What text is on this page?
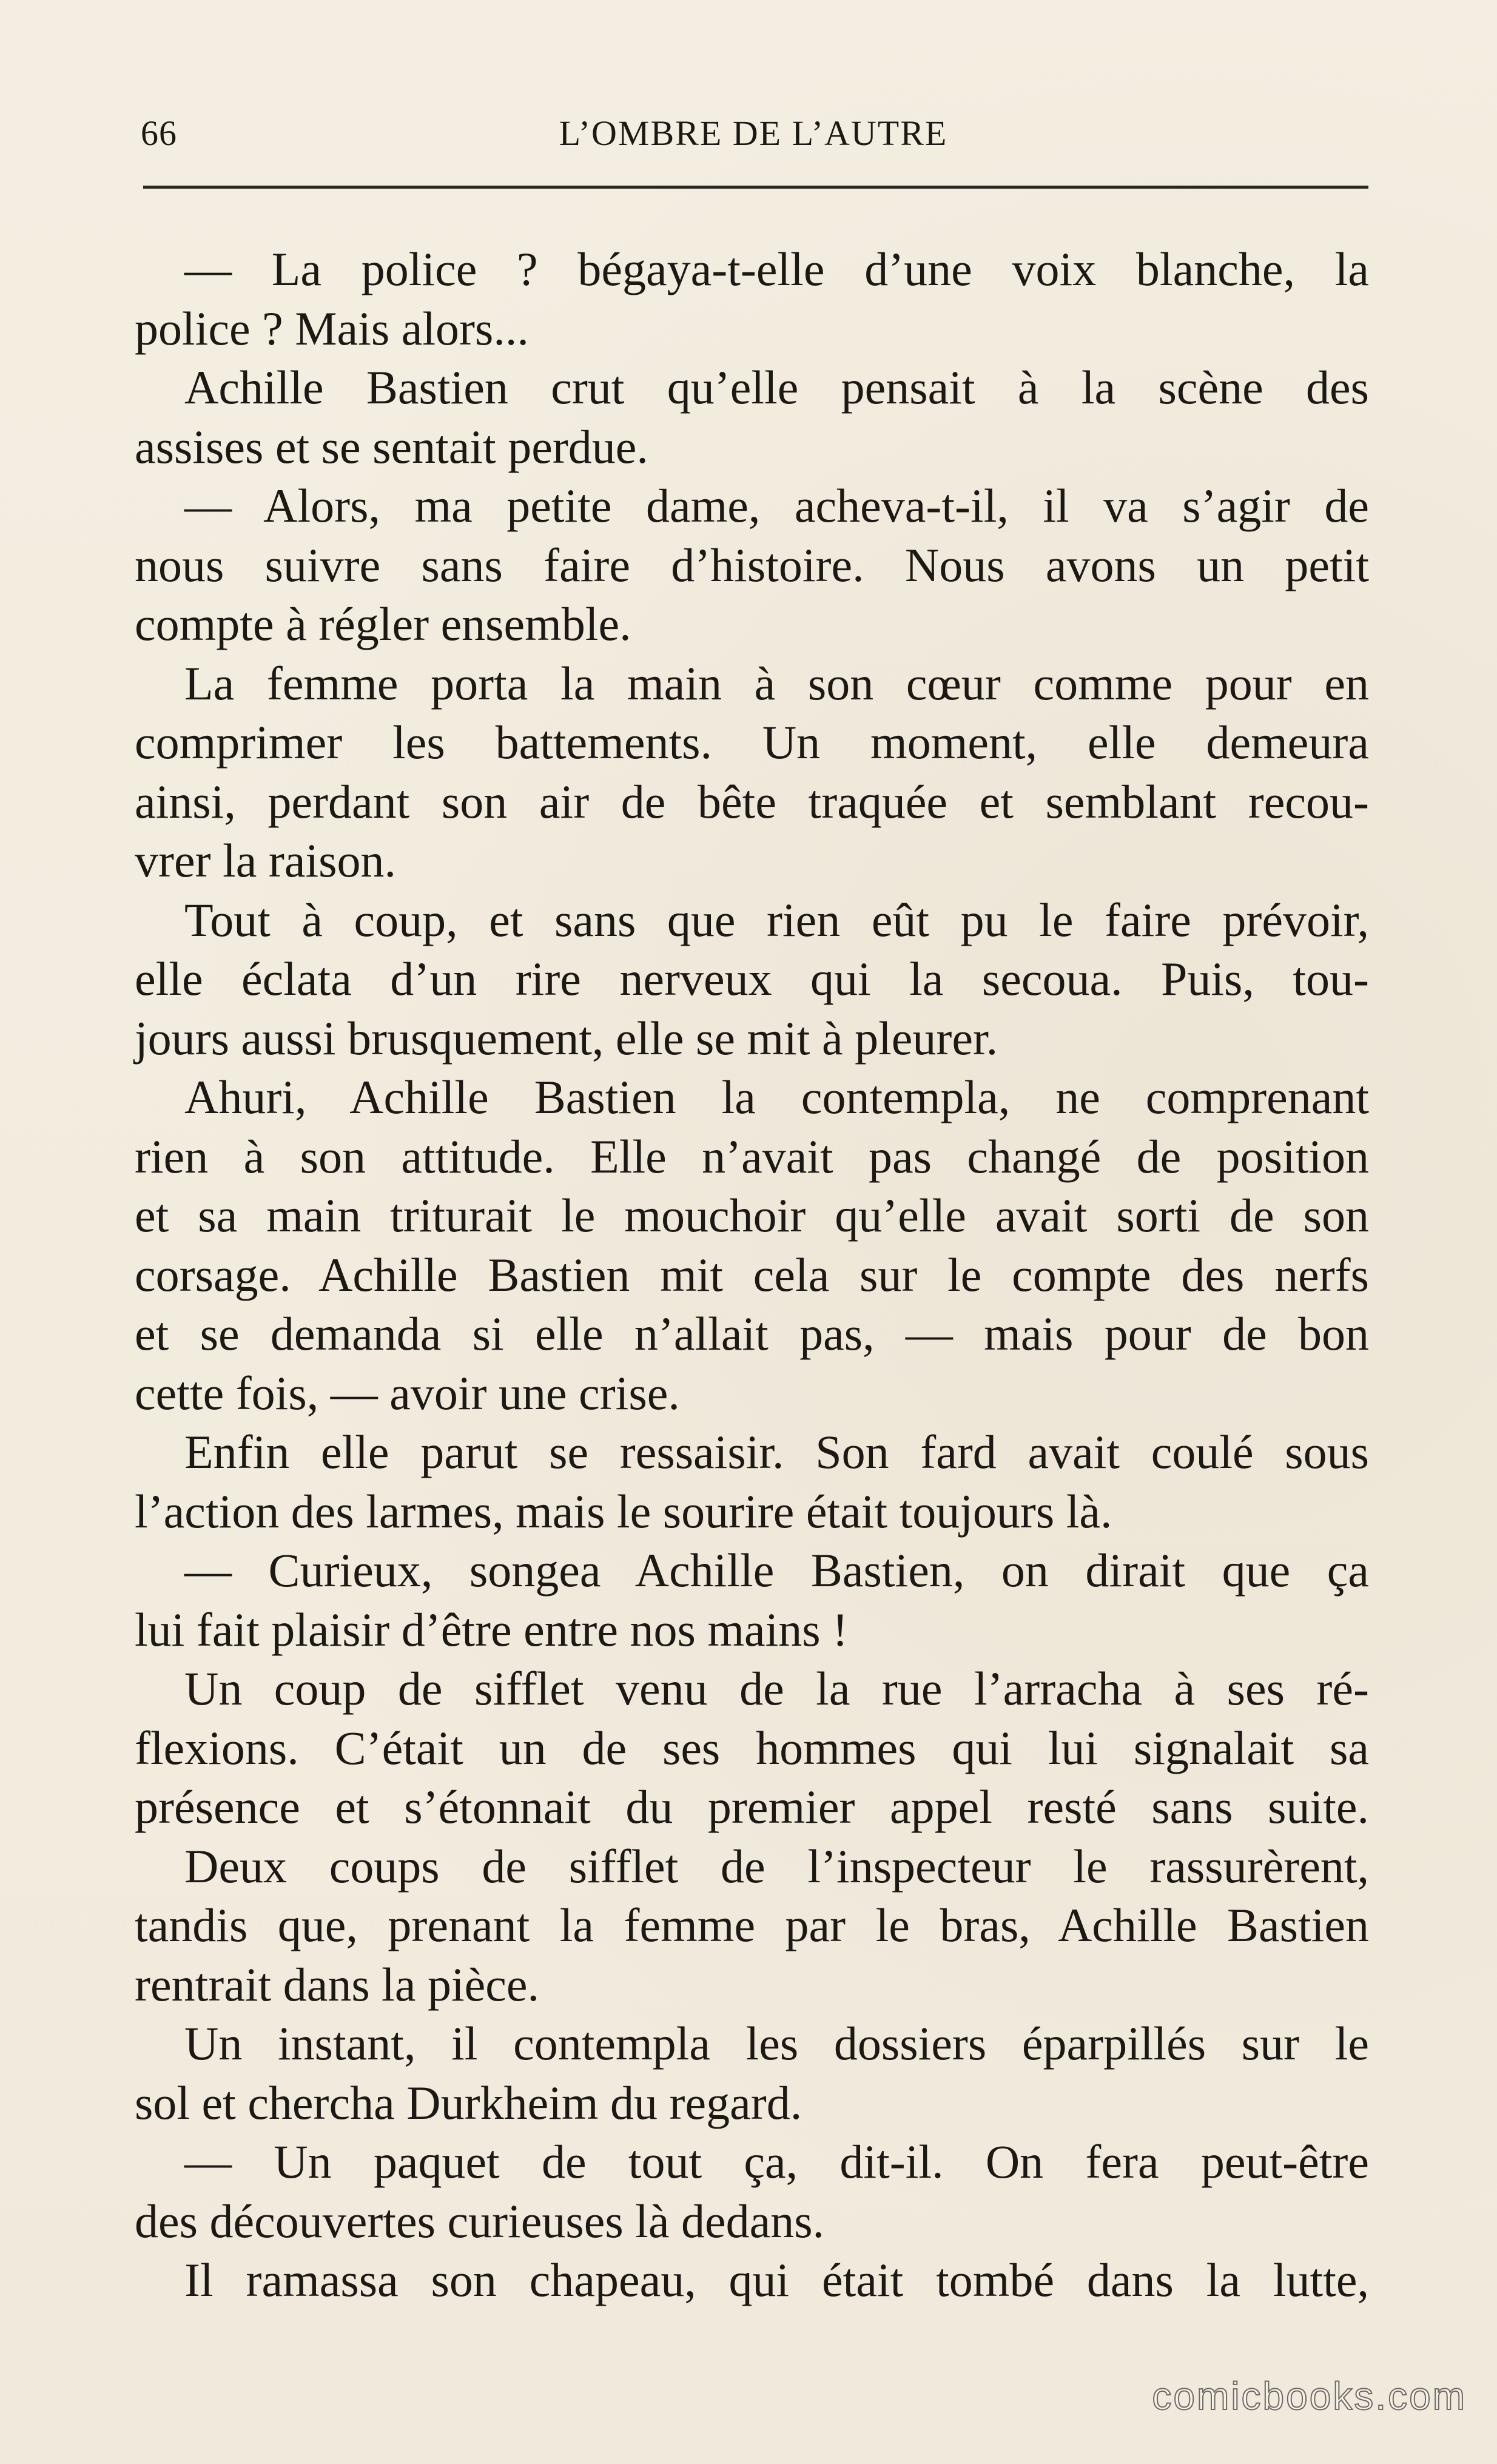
66	L’OMBRE DE L’AUTRE
— La police ? bégaya-t-elle d’une voix blanche, la
police ? Mais alors...
Achille Bastien crut qu’elle pensait à la scène des
assises et se sentait perdue.
— Alors, ma petite dame, acheva-t-il, il va s’agir de
nous suivre sans faire d’histoire. Nous avons un petit
compte à régler ensemble.
La femme porta la main à son cœur comme pour en
comprimer les battements. Un moment, elle demeura
ainsi, perdant son air de bête traquée et semblant recou-
vrer la raison.
Tout à coup, et sans que rien eût pu le faire prévoir,
elle éclata d’un rire nerveux qui la secoua. Puis, tou-
jours aussi brusquement, elle se mit à pleurer.
Ahuri, Achille Bastien la contempla, ne comprenant
rien à son attitude. Elle n’avait pas changé de position
et sa main triturait le mouchoir qu’elle avait sorti de son
corsage. Achille Bastien mit cela sur le compte des nerfs
et se demanda si elle n’allait pas, — mais pour de bon
cette fois, — avoir une crise.
Enfin elle parut se ressaisir. Son fard avait coulé sous
l’action des larmes, mais le sourire était toujours là.
— Curieux, songea Achille Bastien, on dirait que ça
lui fait plaisir d’être entre nos mains !
Un coup de sifflet venu de la rue l’arracha à ses ré-
flexions. C’était un de ses hommes qui lui signalait sa
présence et s’étonnait du premier appel resté sans suite.
Deux coups de sifflet de l’inspecteur le rassurèrent,
tandis que, prenant la femme par le bras, Achille Bastien
rentrait dans la pièce.
Un instant, il contempla les dossiers éparpillés sur le
sol et chercha Durkheim du regard.
— Un paquet de tout ça, dit-il. On fera peut-être
des découvertes curieuses là dedans.
Il ramassa son chapeau, qui était tombé dans la lutte,
comicbooks.com
